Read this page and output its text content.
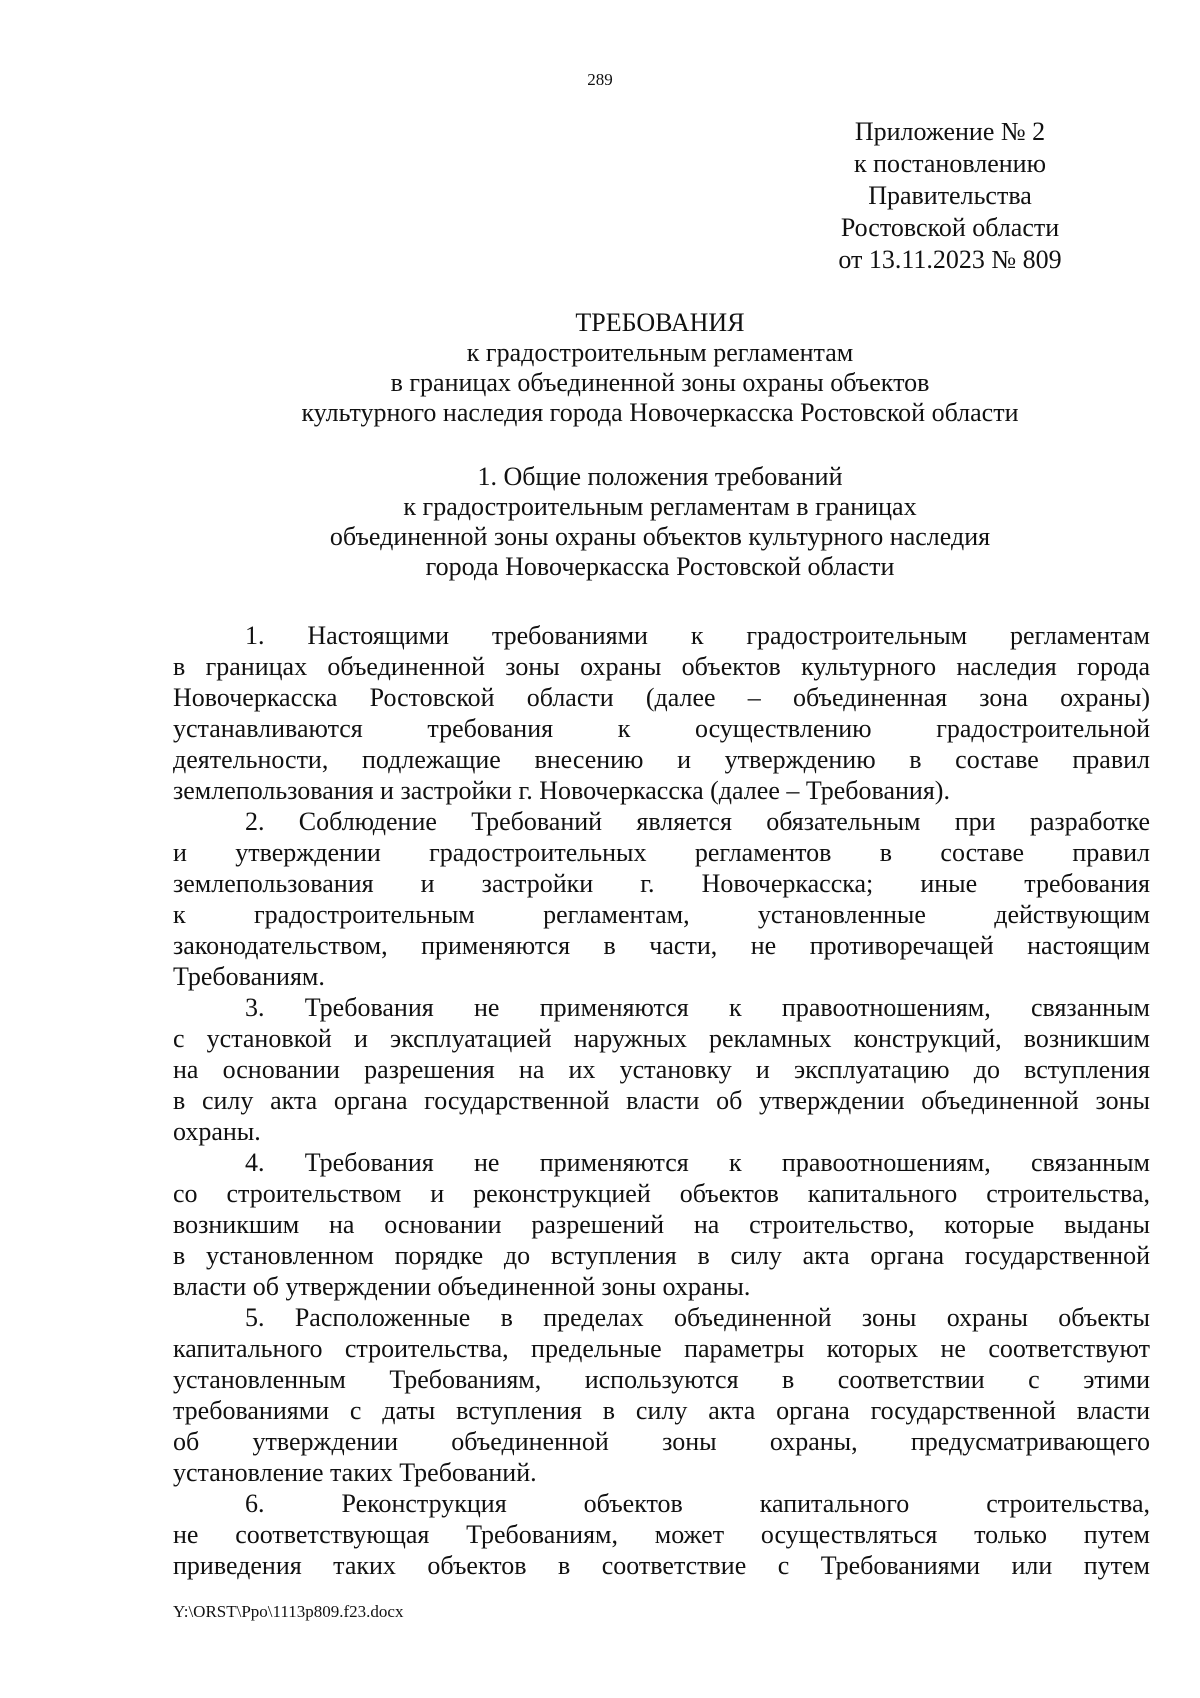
289
Приложение № 2
к постановлению
Правительства
Ростовской области
от 13.11.2023 № 809
ТРЕБОВАНИЯ
к градостроительным регламентам
в границах объединенной зоны охраны объектов
культурного наследия города Новочеркасска Ростовской области
1. Общие положения требований
к градостроительным регламентам в границах
объединенной зоны охраны объектов культурного наследия
города Новочеркасска Ростовской области
1. Настоящими требованиями к градостроительным регламентам
в границах объединенной зоны охраны объектов культурного наследия города
Новочеркасска Ростовской области (далее – объединенная зона охраны)
устанавливаются требования к осуществлению градостроительной
деятельности, подлежащие внесению и утверждению в составе правил
землепользования и застройки г. Новочеркасска (далее – Требования).
2. Соблюдение Требований является обязательным при разработке
и утверждении градостроительных регламентов в составе правил
землепользования и застройки г. Новочеркасска; иные требования
к градостроительным регламентам, установленные действующим
законодательством, применяются в части, не противоречащей настоящим
Требованиям.
3. Требования не применяются к правоотношениям, связанным
с установкой и эксплуатацией наружных рекламных конструкций, возникшим
на основании разрешения на их установку и эксплуатацию до вступления
в силу акта органа государственной власти об утверждении объединенной зоны
охраны.
4. Требования не применяются к правоотношениям, связанным
со строительством и реконструкцией объектов капитального строительства,
возникшим на основании разрешений на строительство, которые выданы
в установленном порядке до вступления в силу акта органа государственной
власти об утверждении объединенной зоны охраны.
5. Расположенные в пределах объединенной зоны охраны объекты
капитального строительства, предельные параметры которых не соответствуют
установленным Требованиям, используются в соответствии с этими
требованиями с даты вступления в силу акта органа государственной власти
об утверждении объединенной зоны охраны, предусматривающего
установление таких Требований.
6. Реконструкция объектов капитального строительства,
не соответствующая Требованиям, может осуществляться только путем
приведения таких объектов в соответствие с Требованиями или путем
Y:\ORST\Ppo\1113p809.f23.docx
